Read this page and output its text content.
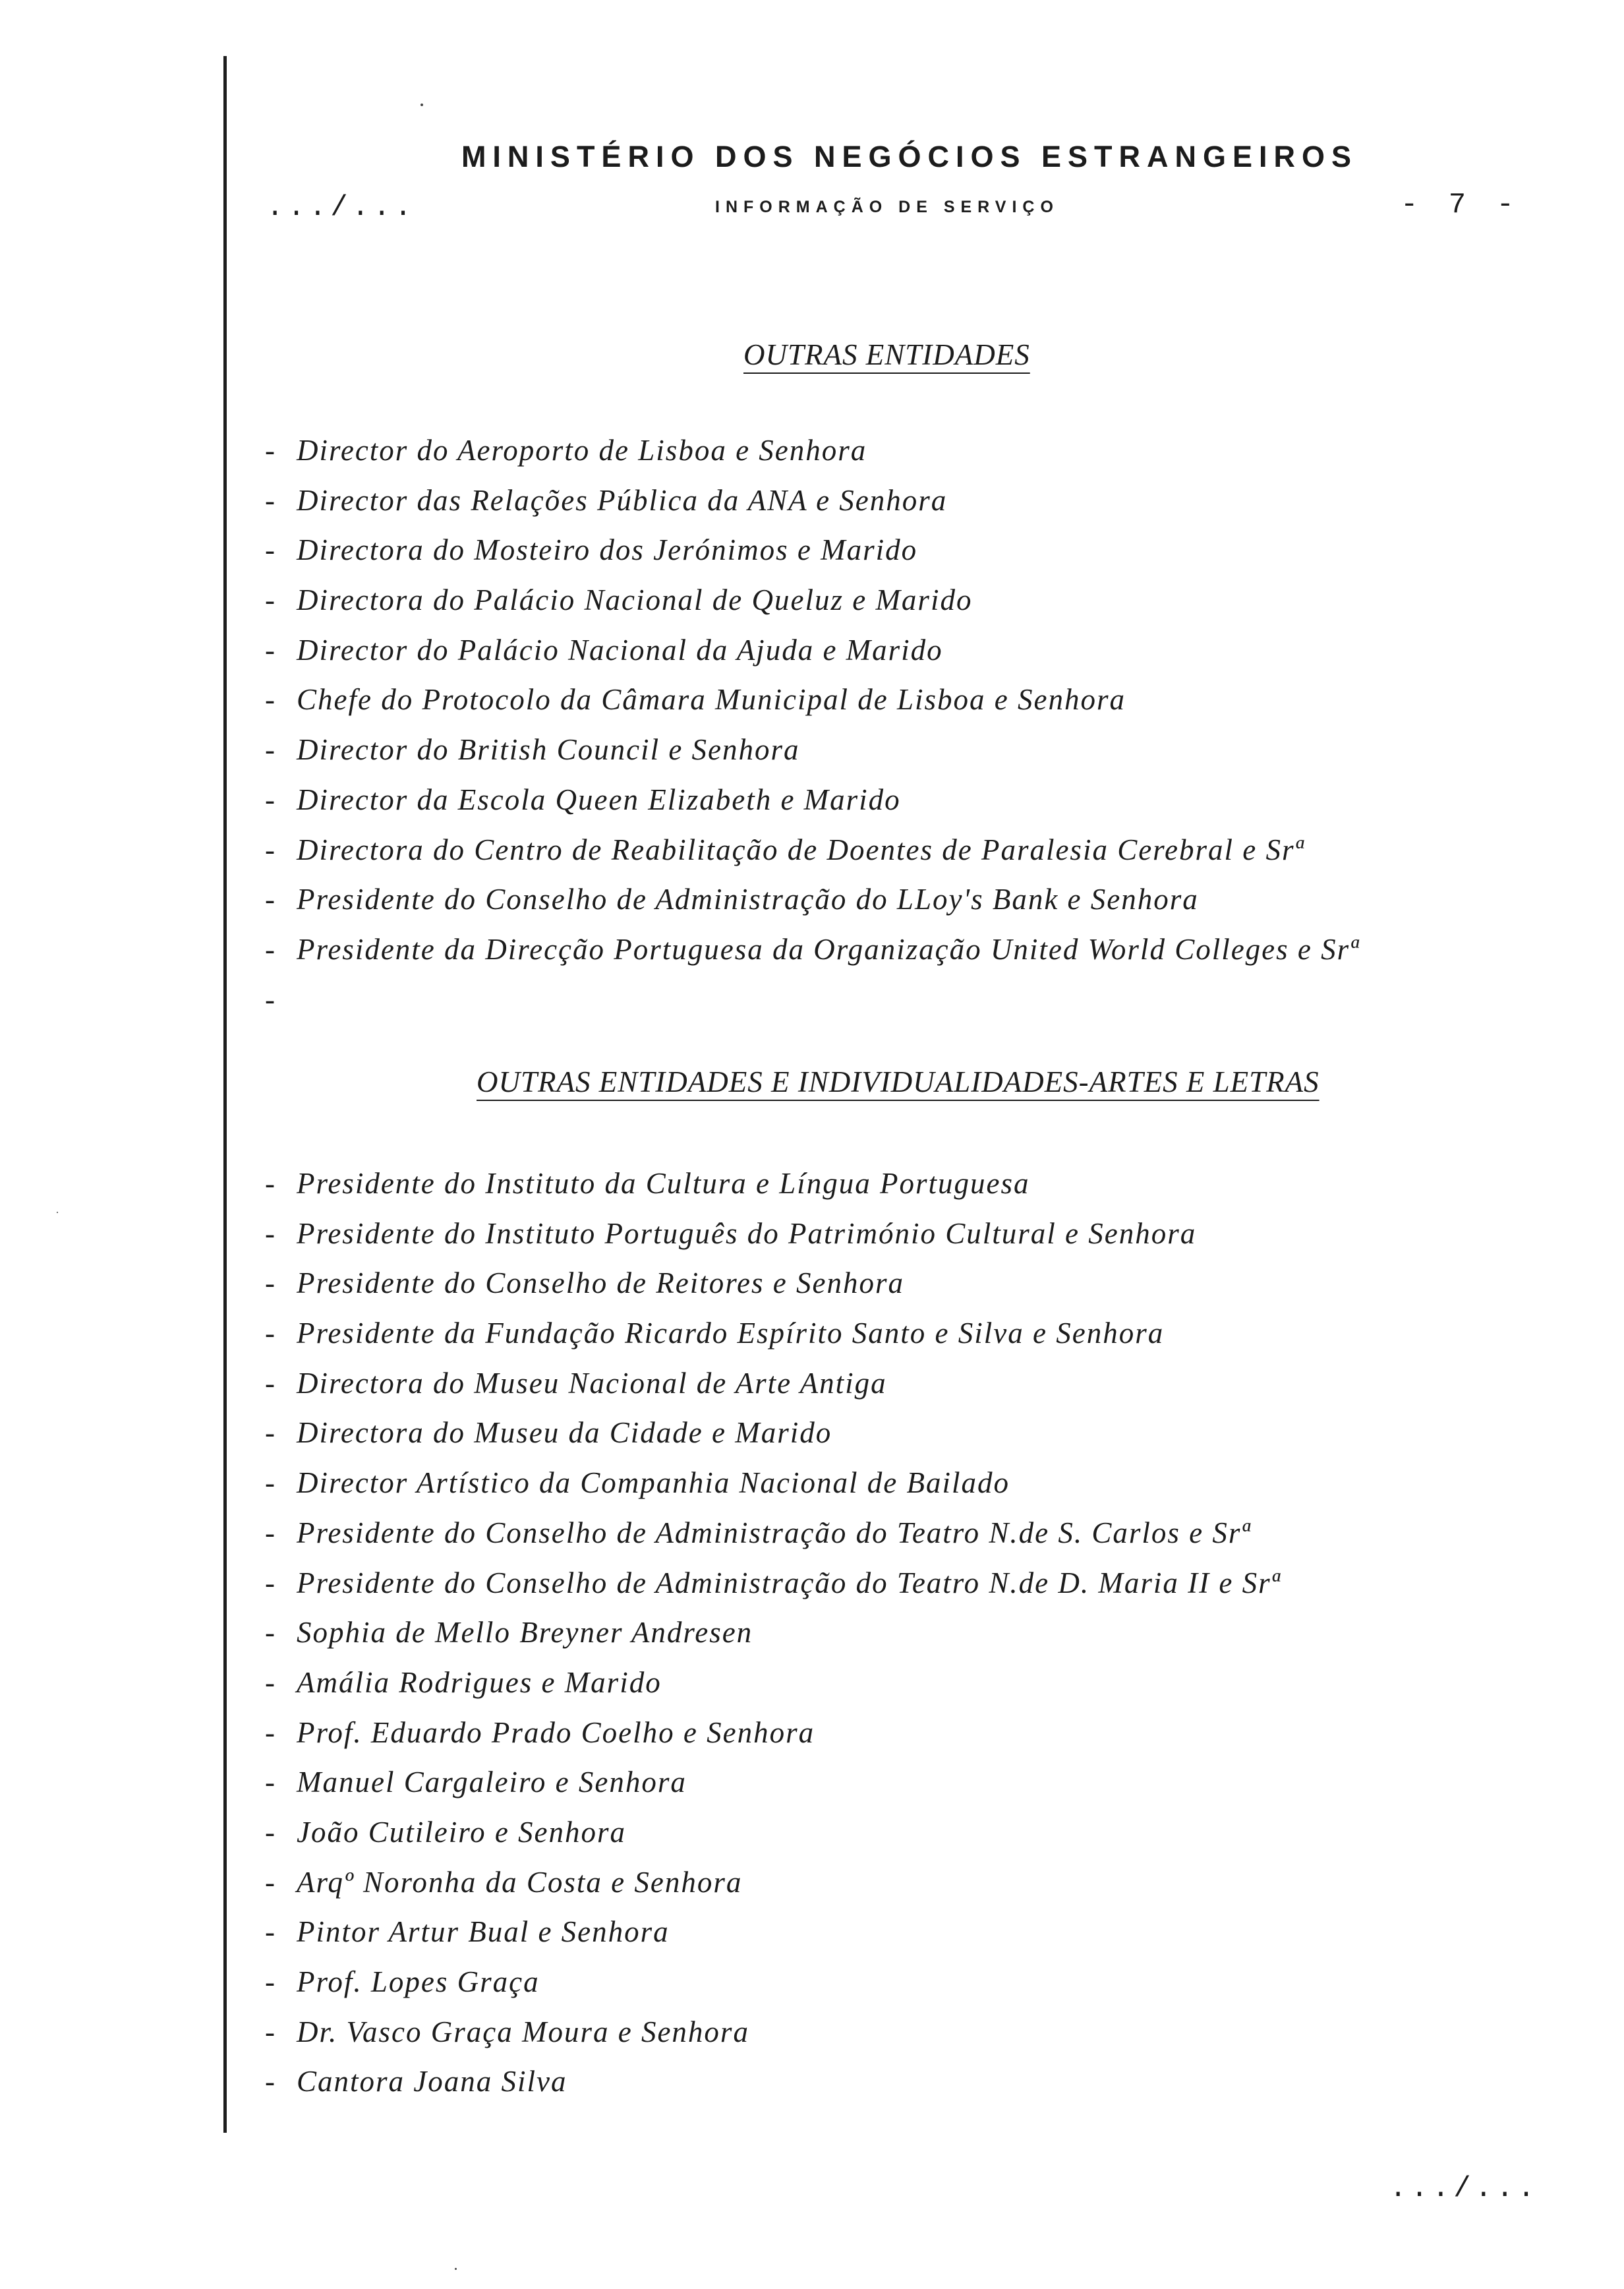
MINISTÉRIO DOS NEGÓCIOS ESTRANGEIROS
.../...	INFORMAÇÃO DE SERVIÇO	- 7 -
OUTRAS ENTIDADES
- Director do Aeroporto de Lisboa e Senhora
- Director das Relações Pública da ANA e Senhora
- Directora do Mosteiro dos Jerónimos e Marido
- Directora do Palácio Nacional de Queluz e Marido
- Director do Palácio Nacional da Ajuda e Marido
- Chefe do Protocolo da Câmara Municipal de Lisboa e Senhora
- Director do British Council e Senhora
- Director da Escola Queen Elizabeth e Marido
- Directora do Centro de Reabilitação de Doentes de Paralesia Cerebral e Srª
- Presidente do Conselho de Administração do LLoy's Bank e Senhora
- Presidente da Direcção Portuguesa da Organização United World Colleges e Srª
-
OUTRAS ENTIDADES E INDIVIDUALIDADES-ARTES E LETRAS
- Presidente do Instituto da Cultura e Língua Portuguesa
- Presidente do Instituto Português do Património Cultural e Senhora
- Presidente do Conselho de Reitores e Senhora
- Presidente da Fundação Ricardo Espírito Santo e Silva e Senhora
- Directora do Museu Nacional de Arte Antiga
- Directora do Museu da Cidade e Marido
- Director Artístico da Companhia Nacional de Bailado
- Presidente do Conselho de Administração do Teatro N.de S. Carlos e Srª
- Presidente do Conselho de Administração do Teatro N.de D. Maria II e Srª
- Sophia de Mello Breyner Andresen
- Amália Rodrigues e Marido
- Prof. Eduardo Prado Coelho e Senhora
- Manuel Cargaleiro e Senhora
- João Cutileiro e Senhora
- Arqº Noronha da Costa e Senhora
- Pintor Artur Bual e Senhora
- Prof. Lopes Graça
- Dr. Vasco Graça Moura e Senhora
- Cantora Joana Silva
.../...
